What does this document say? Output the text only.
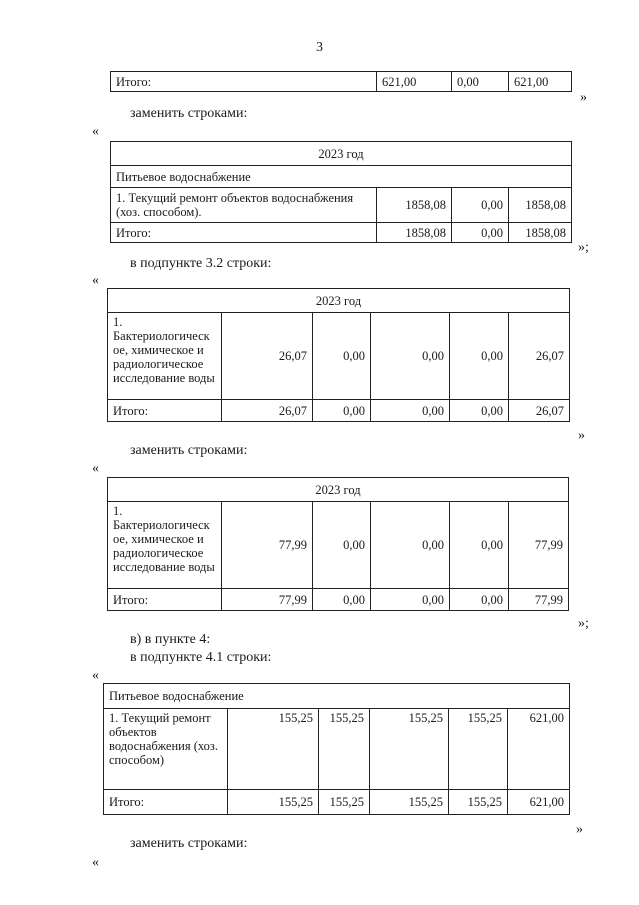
3
Итого:	621,00	0,00	621,00
»
заменить строками:
«
2023 год			
Питьевое водоснабжение			
1. Текущий ремонт объектов водоснабжения (хоз. способом).	1858,08	0,00	1858,08
Итого:	1858,08	0,00	1858,08
»;
в подпункте 3.2 строки:
«
2023 год					
1. Бактериологическ ое, химическое и радиологическое исследование воды	26,07	0,00	0,00	0,00	26,07
Итого:	26,07	0,00	0,00	0,00	26,07
»
заменить строками:
«
2023 год					
1. Бактериологическ ое, химическое и радиологическое исследование воды	77,99	0,00	0,00	0,00	77,99
Итого:	77,99	0,00	0,00	0,00	77,99
»;
в) в пункте 4:
в подпункте 4.1 строки:
«
Питьевое водоснабжение					
1. Текущий ремонт объектов водоснабжения (хоз. способом)	155,25	155,25	155,25	155,25	621,00
Итого:	155,25	155,25	155,25	155,25	621,00
»
заменить строками:
«
